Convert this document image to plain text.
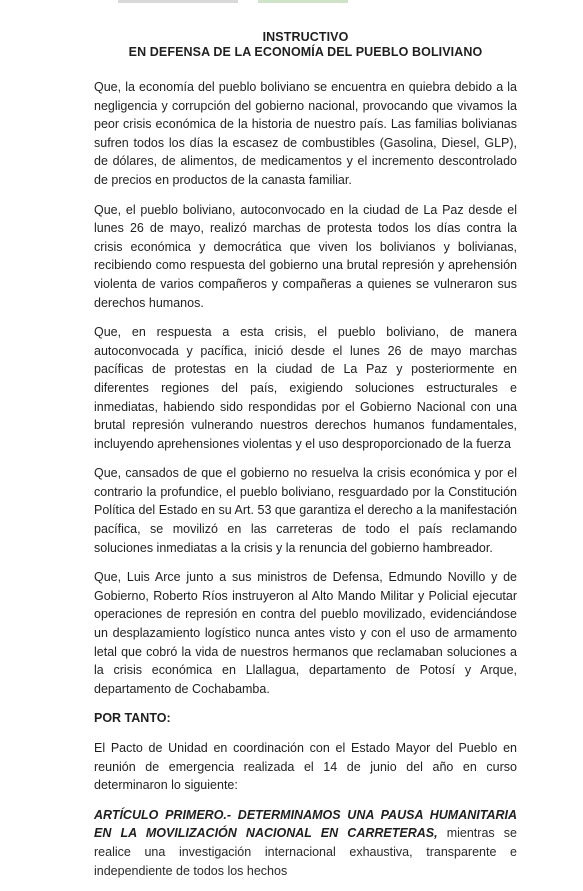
INSTRUCTIVO
EN DEFENSA DE LA ECONOMÍA DEL PUEBLO BOLIVIANO

Que, la economía del pueblo boliviano se encuentra en quiebra debido a la negligencia y corrupción del gobierno nacional, provocando que vivamos la peor crisis económica de la historia de nuestro país. Las familias bolivianas sufren todos los días la escasez de combustibles (Gasolina, Diesel, GLP), de dólares, de alimentos, de medicamentos y el incremento descontrolado de precios en productos de la canasta familiar.

Que, el pueblo boliviano, autoconvocado en la ciudad de La Paz desde el lunes 26 de mayo, realizó marchas de protesta todos los días contra la crisis económica y democrática que viven los bolivianos y bolivianas, recibiendo como respuesta del gobierno una brutal represión y aprehensión violenta de varios compañeros y compañeras a quienes se vulneraron sus derechos humanos.

Que, en respuesta a esta crisis, el pueblo boliviano, de manera autoconvocada y pacífica, inició desde el lunes 26 de mayo marchas pacíficas de protestas en la ciudad de La Paz y posteriormente en diferentes regiones del país, exigiendo soluciones estructurales e inmediatas, habiendo sido respondidas por el Gobierno Nacional con una brutal represión vulnerando nuestros derechos humanos fundamentales, incluyendo aprehensiones violentas y el uso desproporcionado de la fuerza

Que, cansados de que el gobierno no resuelva la crisis económica y por el contrario la profundice, el pueblo boliviano, resguardado por la Constitución Política del Estado en su Art. 53 que garantiza el derecho a la manifestación pacífica, se movilizó en las carreteras de todo el país reclamando soluciones inmediatas a la crisis y la renuncia del gobierno hambreador.

Que, Luis Arce junto a sus ministros de Defensa, Edmundo Novillo y de Gobierno, Roberto Ríos instruyeron al Alto Mando Militar y Policial ejecutar operaciones de represión en contra del pueblo movilizado, evidenciándose un desplazamiento logístico nunca antes visto y con el uso de armamento letal que cobró la vida de nuestros hermanos que reclamaban soluciones a la crisis económica en Llallagua, departamento de Potosí y Arque, departamento de Cochabamba.

POR TANTO:

El Pacto de Unidad en coordinación con el Estado Mayor del Pueblo en reunión de emergencia realizada el 14 de junio del año en curso determinaron lo siguiente:

ARTÍCULO PRIMERO.- DETERMINAMOS UNA PAUSA HUMANITARIA EN LA MOVILIZACIÓN NACIONAL EN CARRETERAS, mientras se realice una investigación internacional exhaustiva, transparente e independiente de todos los hechos
